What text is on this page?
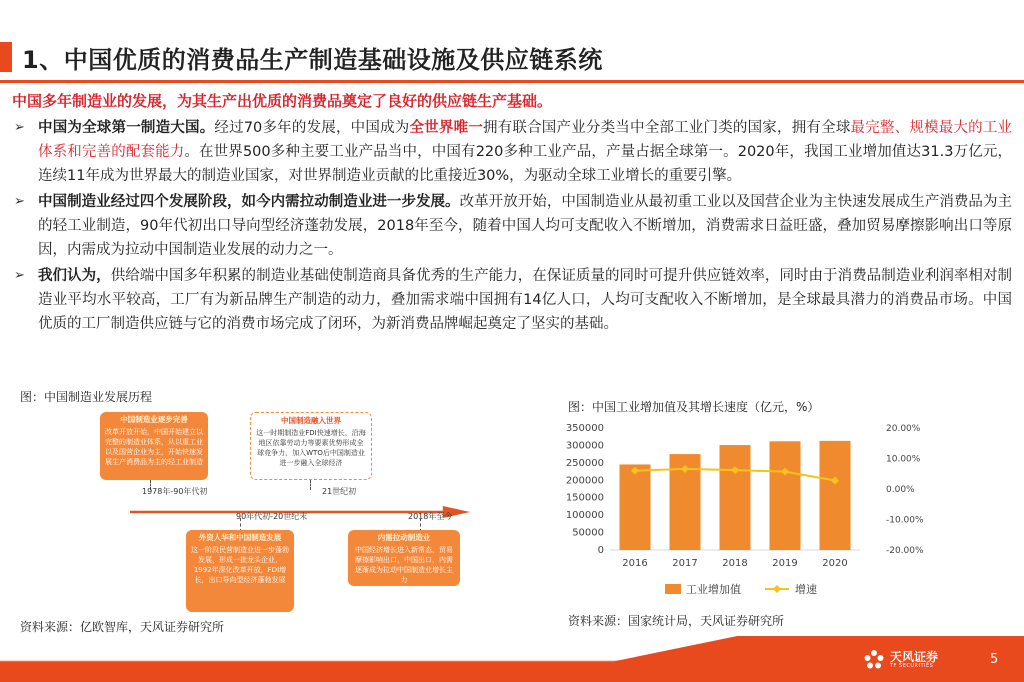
1、中国优质的消费品生产制造基础设施及供应链系统
中国多年制造业的发展，为其生产出优质的消费品奠定了良好的供应链生产基础。
➢ 中国为全球第一制造大国。经过70多年的发展，中国成为全世界唯一拥有联合国产业分类当中全部工业门类的国家，拥有全球最完整、规模最大的工业体系和完善的配套能力。在世界500多种主要工业产品当中，中国有220多种工业产品，产量占据全球第一。2020年，我国工业增加值达31.3万亿元，连续11年成为世界最大的制造业国家，对世界制造业贡献的比重接近30%，为驱动全球工业增长的重要引擎。
➢ 中国制造业经过四个发展阶段，如今内需拉动制造业进一步发展。改革开放开始，中国制造业从最初重工业以及国营企业为主快速发展成生产消费品为主的轻工业制造，90年代初出口导向型经济蓬勃发展，2018年至今，随着中国人均可支配收入不断增加，消费需求日益旺盛，叠加贸易摩擦影响出口等原因，内需成为拉动中国制造业发展的动力之一。
➢ 我们认为，供给端中国多年积累的制造业基础使制造商具备优秀的生产能力，在保证质量的同时可提升供应链效率，同时由于消费品制造业利润率相对制造业平均水平较高，工厂有为新品牌生产制造的动力，叠加需求端中国拥有14亿人口，人均可支配收入不断增加，是全球最具潜力的消费品市场。中国优质的工厂制造供应链与它的消费市场完成了闭环，为新消费品牌崛起奠定了坚实的基础。
图：中国制造业发展历程
中国制造业逐步完善
改革开放开始，中国开始建立以完整的制造业体系，从以重工业以及国营企业为主，开始快速发展生产消费品为主的轻工业制造
中国制造融入世界
这一时期制造业FDI快速增长，沿海地区依靠劳动力等要素优势形成全球竞争力，加入WTO后中国制造业进一步融入全球经济
1978年-90年代初	21世纪初
90年代初-20世纪末	2018年至今
外资人华和中国制造发展
这一阶段民营制造业进一步蓬勃发展，形成一批龙头企业，1992年深化改革开放，FDI增长，出口导向型经济蓬勃发展
内需拉动制造业
中国经济增长进入新常态，贸易摩擦影响出口，中国出口，内需逐渐成为拉动中国制造业增长主力
资料来源：亿欧智库，天风证券研究所
图：中国工业增加值及其增长速度（亿元，%）
350000
300000
250000
200000
150000
100000
50000
0
20.00%
10.00%
0.00%
-10.00%
-20.00%
2016 2017 2018 2019 2020
工业增加值	增速
资料来源：国家统计局，天风证券研究所
天风证券
TF SECURITIES	5
